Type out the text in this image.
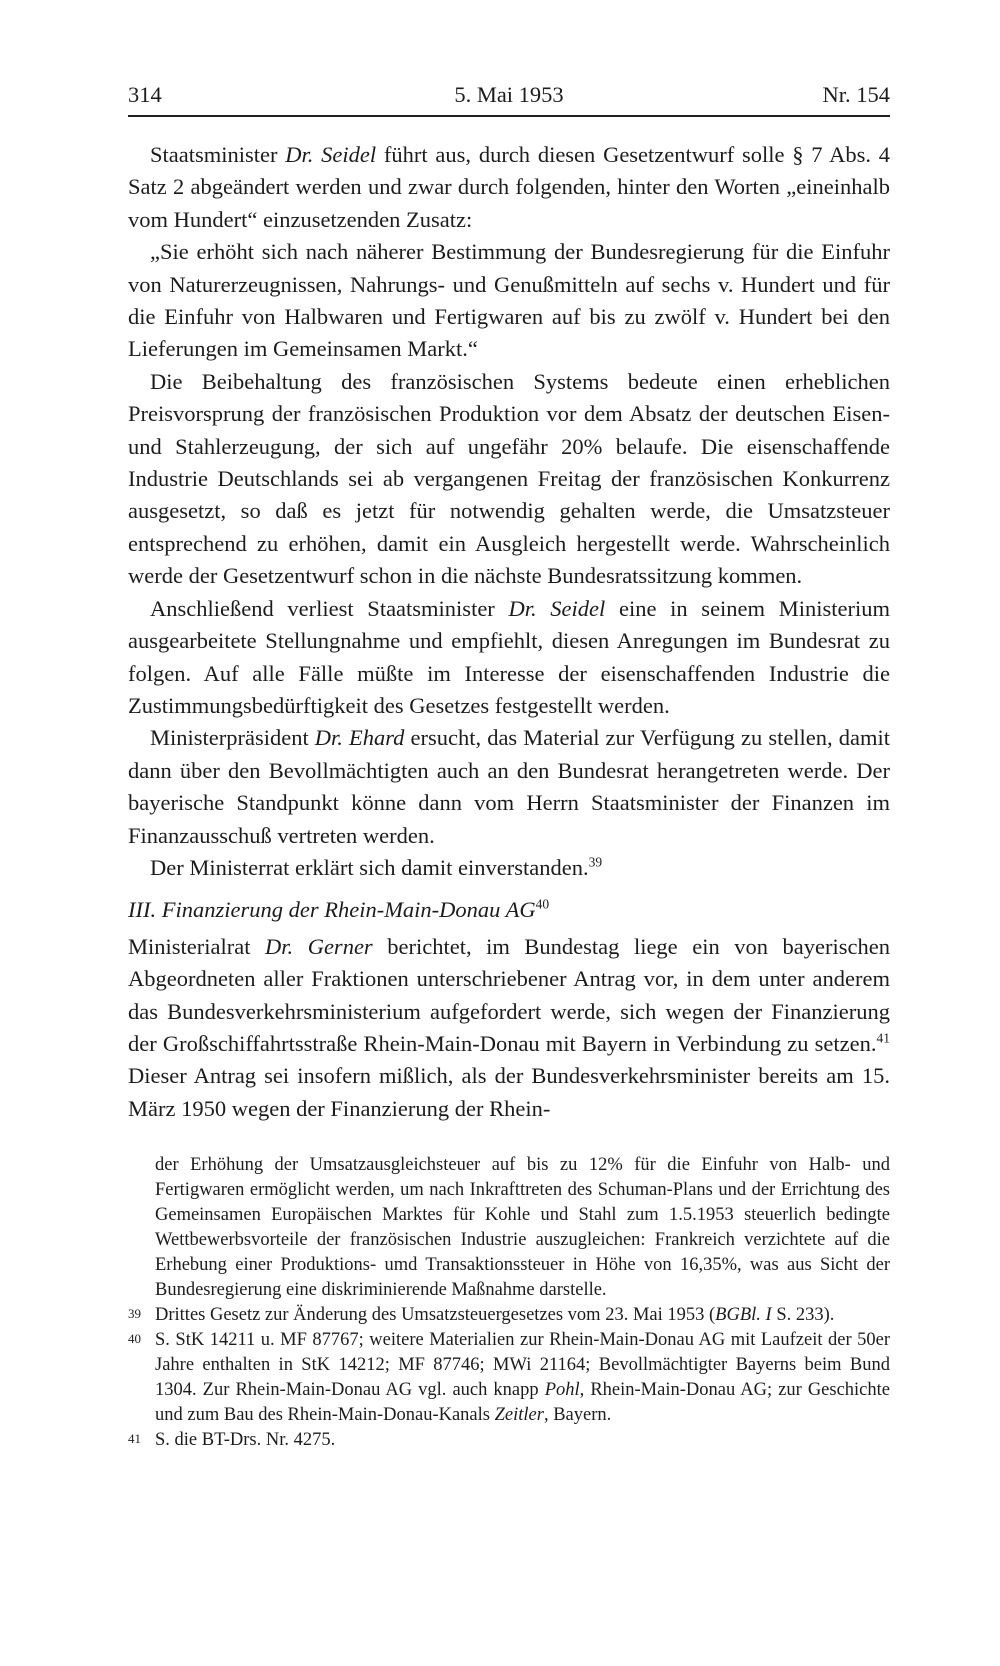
314	5. Mai 1953	Nr. 154

Staatsminister Dr. Seidel führt aus, durch diesen Gesetzentwurf solle § 7 Abs. 4 Satz 2 abgeändert werden und zwar durch folgenden, hinter den Worten „eineinhalb vom Hundert“ einzusetzenden Zusatz:

„Sie erhöht sich nach näherer Bestimmung der Bundesregierung für die Einfuhr von Naturerzeugnissen, Nahrungs- und Genußmitteln auf sechs v. Hundert und für die Einfuhr von Halbwaren und Fertigwaren auf bis zu zwölf v. Hundert bei den Lieferungen im Gemeinsamen Markt.“

Die Beibehaltung des französischen Systems bedeute einen erheblichen Preisvorsprung der französischen Produktion vor dem Absatz der deutschen Eisen- und Stahlerzeugung, der sich auf ungefähr 20% belaufe. Die eisenschaffende Industrie Deutschlands sei ab vergangenen Freitag der französischen Konkurrenz ausgesetzt, so daß es jetzt für notwendig gehalten werde, die Umsatzsteuer entsprechend zu erhöhen, damit ein Ausgleich hergestellt werde. Wahrscheinlich werde der Gesetzentwurf schon in die nächste Bundesratssitzung kommen.

Anschließend verliest Staatsminister Dr. Seidel eine in seinem Ministerium ausgearbeitete Stellungnahme und empfiehlt, diesen Anregungen im Bundesrat zu folgen. Auf alle Fälle müßte im Interesse der eisenschaffenden Industrie die Zustimmungsbedürftigkeit des Gesetzes festgestellt werden.

Ministerpräsident Dr. Ehard ersucht, das Material zur Verfügung zu stellen, damit dann über den Bevollmächtigten auch an den Bundesrat herangetreten werde. Der bayerische Standpunkt könne dann vom Herrn Staatsminister der Finanzen im Finanzausschuß vertreten werden.

Der Ministerrat erklärt sich damit einverstanden.$^{39}$

III. Finanzierung der Rhein-Main-Donau AG$^{40}$

Ministerialrat Dr. Gerner berichtet, im Bundestag liege ein von bayerischen Abgeordneten aller Fraktionen unterschriebener Antrag vor, in dem unter anderem das Bundesverkehrsministerium aufgefordert werde, sich wegen der Finanzierung der Großschiffahrtsstraße Rhein-Main-Donau mit Bayern in Verbindung zu setzen.$^{41}$ Dieser Antrag sei insofern mißlich, als der Bundesverkehrsminister bereits am 15. März 1950 wegen der Finanzierung der Rhein-

der Erhöhung der Umsatzausgleichsteuer auf bis zu 12% für die Einfuhr von Halb- und Fertigwaren ermöglicht werden, um nach Inkrafttreten des Schuman-Plans und der Errichtung des Gemeinsamen Europäischen Marktes für Kohle und Stahl zum 1.5.1953 steuerlich bedingte Wettbewerbsvorteile der französischen Industrie auszugleichen: Frankreich verzichtete auf die Erhebung einer Produktions- umd Transaktionssteuer in Höhe von 16,35%, was aus Sicht der Bundesregierung eine diskriminierende Maßnahme darstelle.
39 Drittes Gesetz zur Änderung des Umsatzsteuergesetzes vom 23. Mai 1953 (BGBl. I S. 233).
40 S. StK 14211 u. MF 87767; weitere Materialien zur Rhein-Main-Donau AG mit Laufzeit der 50er Jahre enthalten in StK 14212; MF 87746; MWi 21164; Bevollmächtigter Bayerns beim Bund 1304. Zur Rhein-Main-Donau AG vgl. auch knapp Pohl, Rhein-Main-Donau AG; zur Geschichte und zum Bau des Rhein-Main-Donau-Kanals Zeitler, Bayern.
41 S. die BT-Drs. Nr. 4275.
